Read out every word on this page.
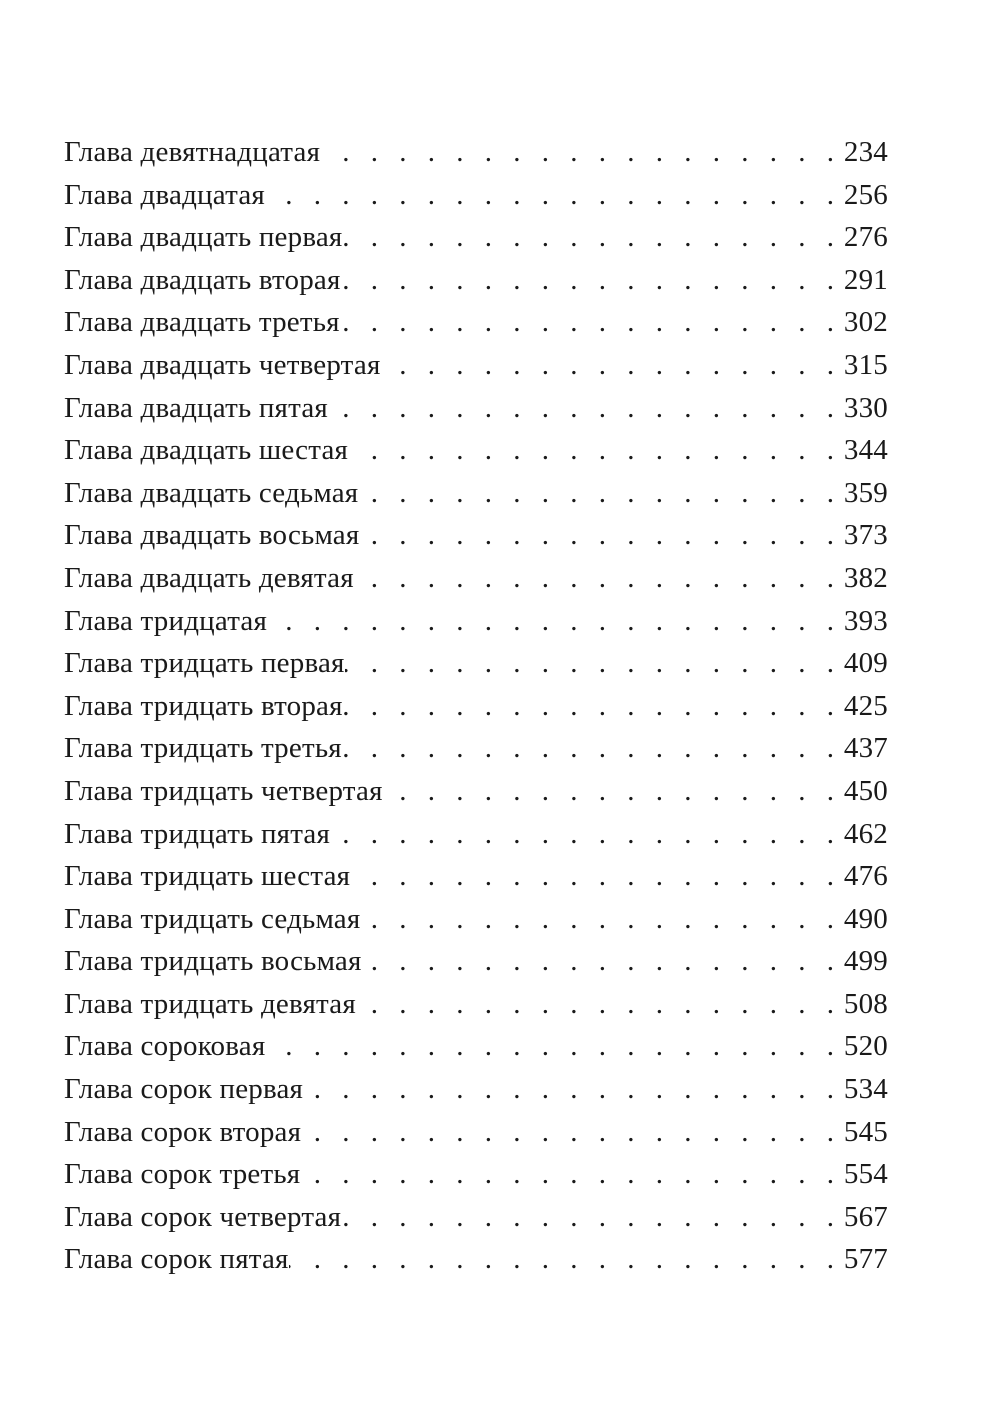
Глава девятнадцатая . . .	234
Глава двадцатая . . .	256
Глава двадцать первая . . .	276
Глава двадцать вторая . . .	291
Глава двадцать третья . . .	302
Глава двадцать четвертая . . .	315
Глава двадцать пятая . . .	330
Глава двадцать шестая . . .	344
Глава двадцать седьмая . . .	359
Глава двадцать восьмая . . .	373
Глава двадцать девятая . . .	382
Глава тридцатая . . .	393
Глава тридцать первая . . .	409
Глава тридцать вторая . . .	425
Глава тридцать третья . . .	437
Глава тридцать четвертая . . .	450
Глава тридцать пятая . . .	462
Глава тридцать шестая . . .	476
Глава тридцать седьмая . . .	490
Глава тридцать восьмая . . .	499
Глава тридцать девятая . . .	508
Глава сороковая . . .	520
Глава сорок первая . . .	534
Глава сорок вторая . . .	545
Глава сорок третья . . .	554
Глава сорок четвертая . . .	567
Глава сорок пятая . . .	577
